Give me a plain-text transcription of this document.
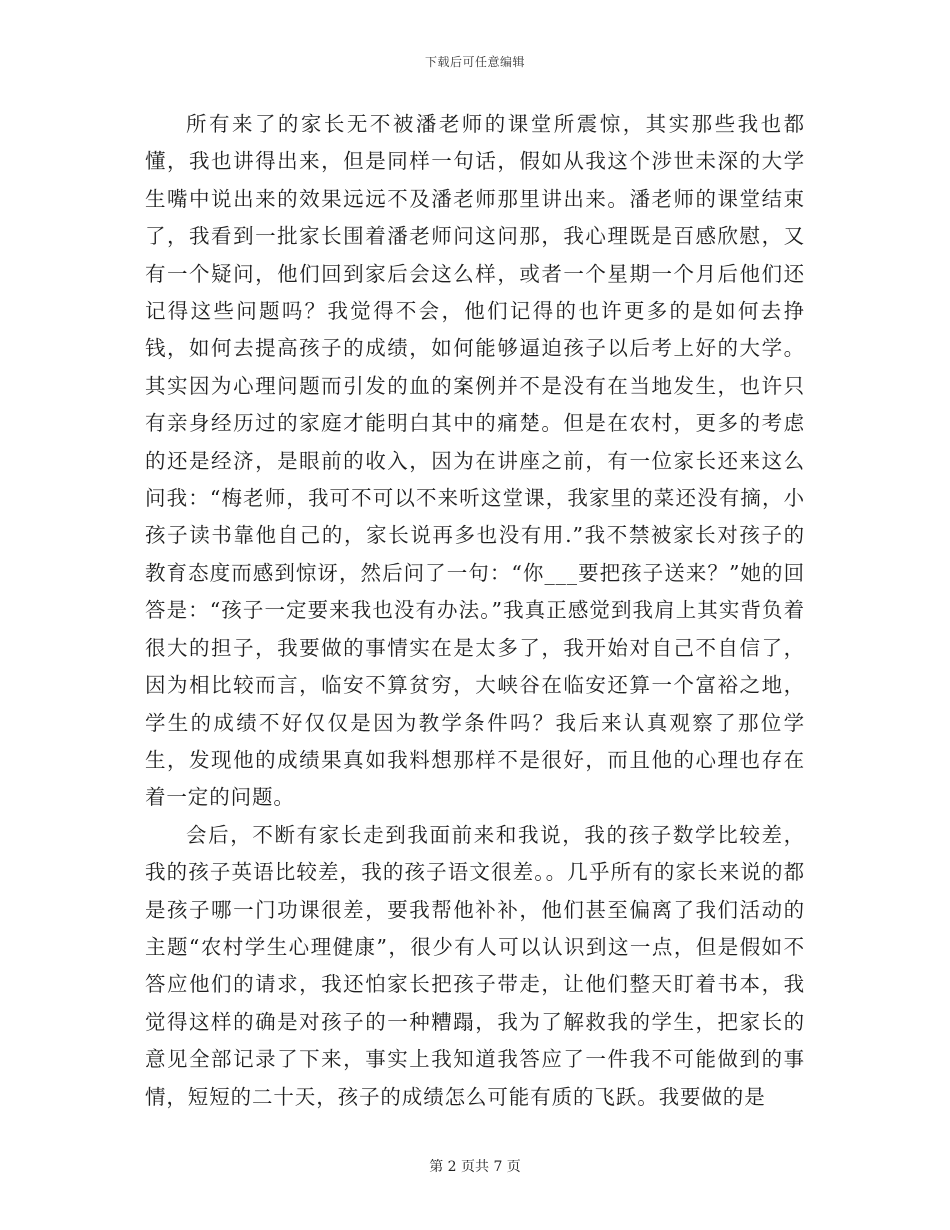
下载后可任意编辑

所有来了的家长无不被潘老师的课堂所震惊，其实那些我也都懂，我也讲得出来，但是同样一句话，假如从我这个涉世未深的大学生嘴中说出来的效果远远不及潘老师那里讲出来。潘老师的课堂结束了，我看到一批家长围着潘老师问这问那，我心理既是百感欣慰，又有一个疑问，他们回到家后会这么样，或者一个星期一个月后他们还记得这些问题吗？我觉得不会，他们记得的也许更多的是如何去挣钱，如何去提高孩子的成绩，如何能够逼迫孩子以后考上好的大学。其实因为心理问题而引发的血的案例并不是没有在当地发生，也许只有亲身经历过的家庭才能明白其中的痛楚。但是在农村，更多的考虑的还是经济，是眼前的收入，因为在讲座之前，有一位家长还来这么问我：“梅老师，我可不可以不来听这堂课，我家里的菜还没有摘，小孩子读书靠他自己的，家长说再多也没有用.”我不禁被家长对孩子的教育态度而感到惊讶，然后问了一句：“你___要把孩子送来？”她的回答是：“孩子一定要来我也没有办法。”我真正感觉到我肩上其实背负着很大的担子，我要做的事情实在是太多了，我开始对自己不自信了，因为相比较而言，临安不算贫穷，大峡谷在临安还算一个富裕之地，学生的成绩不好仅仅是因为教学条件吗？我后来认真观察了那位学生，发现他的成绩果真如我料想那样不是很好，而且他的心理也存在着一定的问题。

会后，不断有家长走到我面前来和我说，我的孩子数学比较差，我的孩子英语比较差，我的孩子语文很差。。几乎所有的家长来说的都是孩子哪一门功课很差，要我帮他补补，他们甚至偏离了我们活动的主题“农村学生心理健康”，很少有人可以认识到这一点，但是假如不答应他们的请求，我还怕家长把孩子带走，让他们整天盯着书本，我觉得这样的确是对孩子的一种糟蹋，我为了解救我的学生，把家长的意见全部记录了下来，事实上我知道我答应了一件我不可能做到的事情，短短的二十天，孩子的成绩怎么可能有质的飞跃。我要做的是

第 2 页共 7 页
